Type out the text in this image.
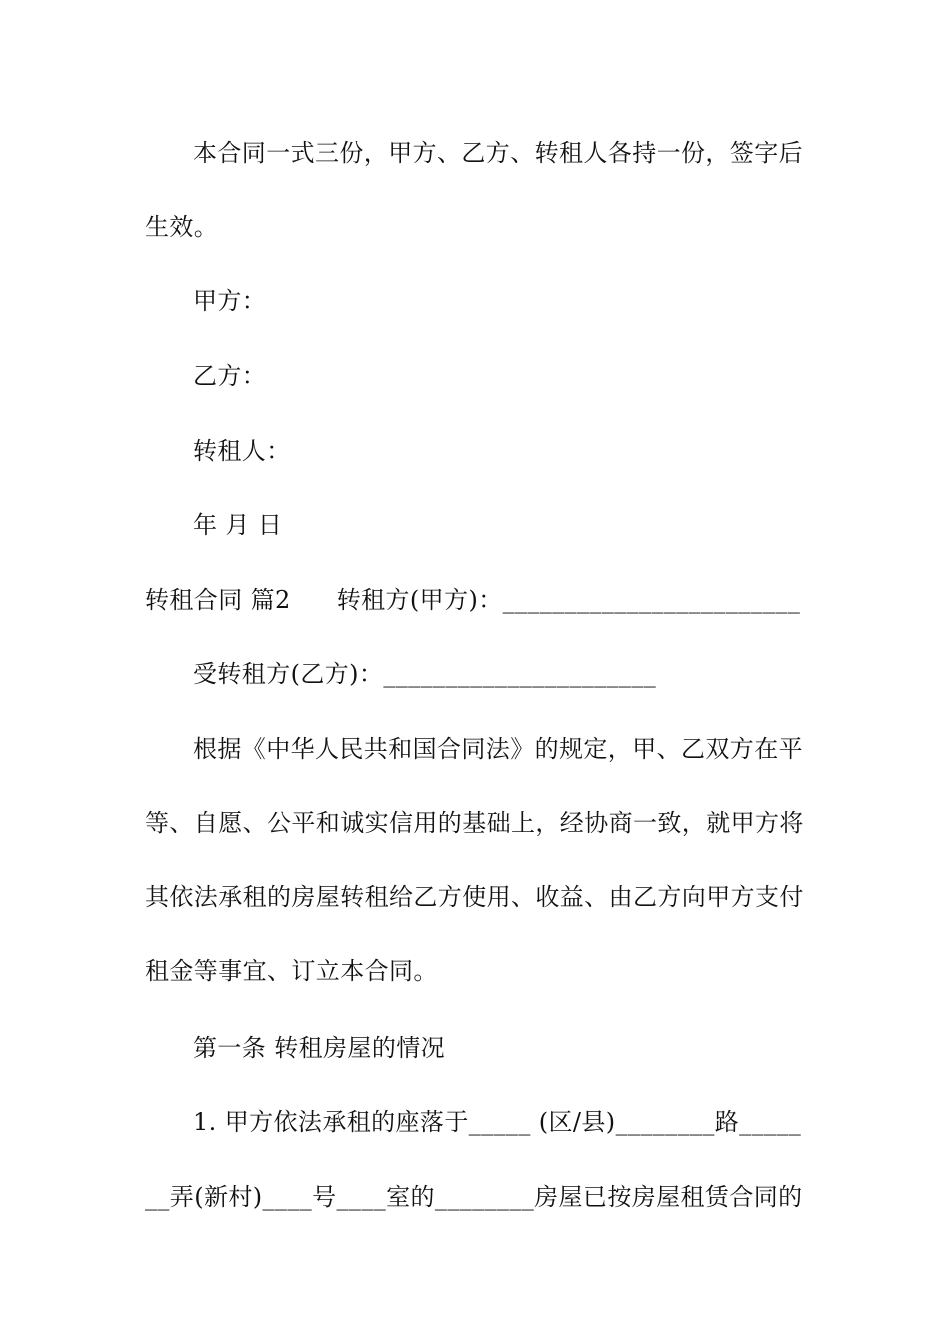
本合同一式三份，甲方、乙方、转租人各持一份，签字后
生效。
甲方：
乙方：
转租人：
年 月 日
转租合同 篇2 转租方(甲方)：________________________
受转租方(乙方)：______________________
根据《中华人民共和国合同法》的规定，甲、乙双方在平
等、自愿、公平和诚实信用的基础上，经协商一致，就甲方将
其依法承租的房屋转租给乙方使用、收益、由乙方向甲方支付
租金等事宜、订立本合同。
第一条 转租房屋的情况
1. 甲方依法承租的座落于_____ (区/县)________路_____
__弄(新村)____号____室的________房屋已按房屋租赁合同的
